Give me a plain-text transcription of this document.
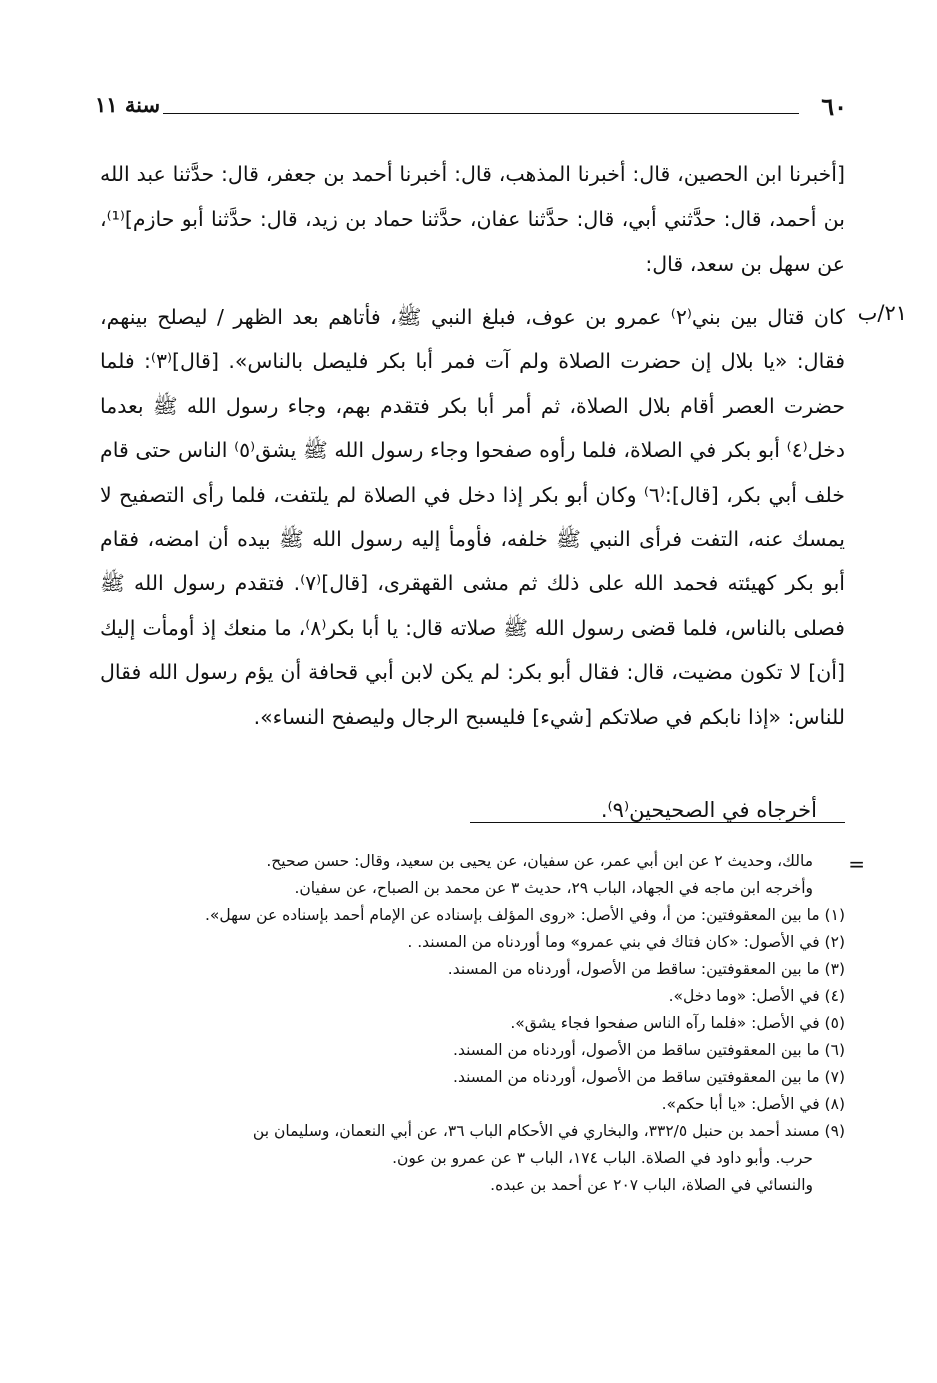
٦٠
سنة ١١
[أخبرنا ابن الحصين، قال: أخبرنا المذهب، قال: أخبرنا أحمد بن جعفر، قال: حدَّثنا عبد الله بن أحمد، قال: حدَّثني أبي، قال: حدَّثنا عفان، حدَّثنا حماد بن زيد، قال: حدَّثنا أبو حازم]⁽¹⁾، عن سهل بن سعد، قال:
٢١/ب
كان قتال بين بني⁽٢⁾ عمرو بن عوف، فبلغ النبي ﷺ، فأتاهم بعد الظهر / ليصلح بينهم، فقال: «يا بلال إن حضرت الصلاة ولم آت فمر أبا بكر فليصل بالناس». [قال]⁽٣⁾: فلما حضرت العصر أقام بلال الصلاة، ثم أمر أبا بكر فتقدم بهم، وجاء رسول الله ﷺ بعدما دخل⁽٤⁾ أبو بكر في الصلاة، فلما رأوه صفحوا وجاء رسول الله ﷺ يشق⁽٥⁾ الناس حتى قام خلف أبي بكر، [قال]:⁽٦⁾ وكان أبو بكر إذا دخل في الصلاة لم يلتفت، فلما رأى التصفيح لا يمسك عنه، التفت فرأى النبي ﷺ خلفه، فأومأ إليه رسول الله ﷺ بيده أن امضه، فقام أبو بكر كهيئته فحمد الله على ذلك ثم مشى القهقرى، [قال]⁽٧⁾. فتقدم رسول الله ﷺ فصلى بالناس، فلما قضى رسول الله ﷺ صلاته قال: يا أبا بكر⁽٨⁾، ما منعك إذ أومأت إليك [أن] لا تكون مضيت، قال: فقال أبو بكر: لم يكن لابن أبي قحافة أن يؤم رسول الله فقال للناس: «إذا نابكم في صلاتكم [شيء] فليسبح الرجال وليصفح النساء».
أخرجاه في الصحيحين⁽٩⁾.
=
مالك، وحديث ٢ عن ابن أبي عمر، عن سفيان، عن يحيى بن سعيد، وقال: حسن صحيح.
وأخرجه ابن ماجه في الجهاد، الباب ٢٩، حديث ٣ عن محمد بن الصباح، عن سفيان.
(١) ما بين المعقوفتين: من أ، وفي الأصل: «روى المؤلف بإسناده عن الإمام أحمد بإسناده عن سهل».
(٢) في الأصول: «كان فتاك في بني عمرو» وما أوردناه من المسند. .
(٣) ما بين المعقوفتين: ساقط من الأصول، أوردناه من المسند.
(٤) في الأصل: «وما دخل».
(٥) في الأصل: «فلما رآه الناس صفحوا فجاء يشق».
(٦) ما بين المعقوفتين ساقط من الأصول، أوردناه من المسند.
(٧) ما بين المعقوفتين ساقط من الأصول، أوردناه من المسند.
(٨) في الأصل: «يا أبا حكم».
(٩) مسند أحمد بن حنبل ٣٣٢/٥، والبخاري في الأحكام الباب ٣٦، عن أبي النعمان، وسليمان بن
حرب. وأبو داود في الصلاة. الباب ١٧٤، الباب ٣ عن عمرو بن عون.
والنسائي في الصلاة، الباب ٢٠٧ عن أحمد بن عبده.
